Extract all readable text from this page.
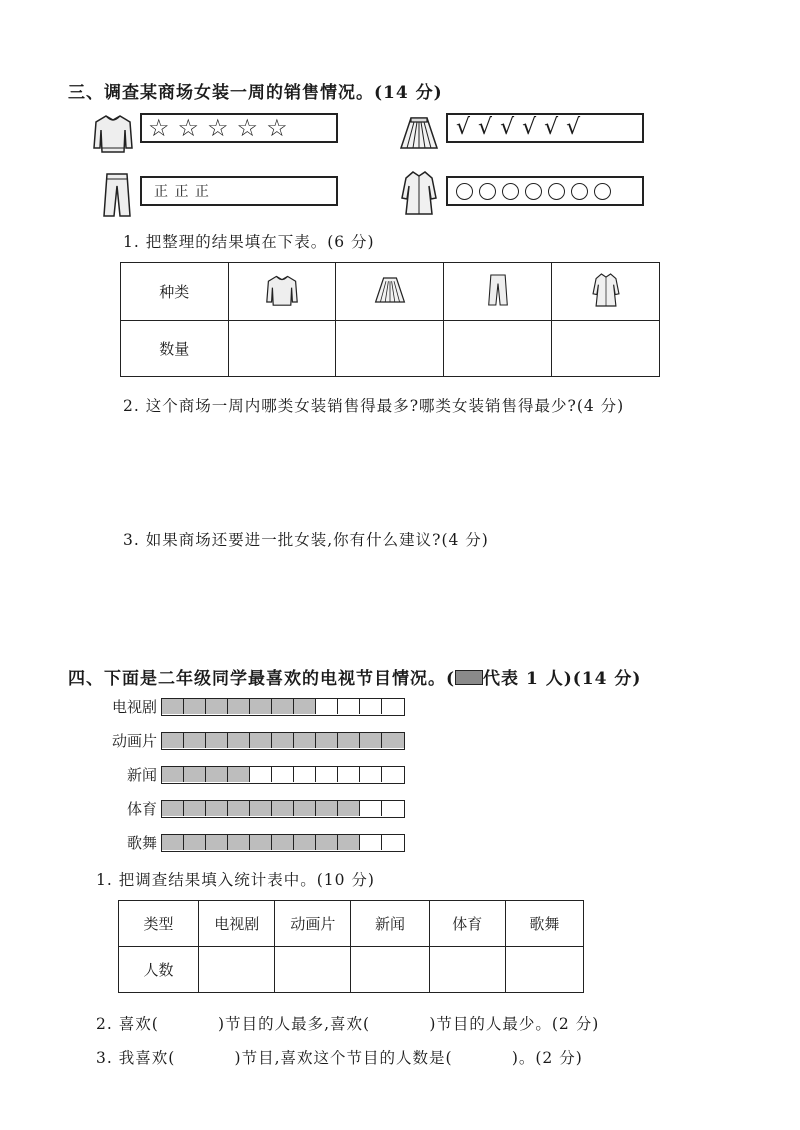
三、调查某商场女装一周的销售情况。(14 分)
☆ ☆ ☆ ☆ ☆	√ √ √ √ √ √
正 正 正
1. 把整理的结果填在下表。(6 分)
种类				
数量				
2. 这个商场一周内哪类女装销售得最多?哪类女装销售得最少?(4 分)
3. 如果商场还要进一批女装,你有什么建议?(4 分)
四、下面是二年级同学最喜欢的电视节目情况。( 代表 1 人)(14 分)
电视剧
动画片
新闻
体育
歌舞
1. 把调查结果填入统计表中。(10 分)
类型	电视剧	动画片	新闻	体育	歌舞
人数					
2. 喜欢(          )节目的人最多,喜欢(          )节目的人最少。(2 分)
3. 我喜欢(          )节目,喜欢这个节目的人数是(          )。(2 分)
